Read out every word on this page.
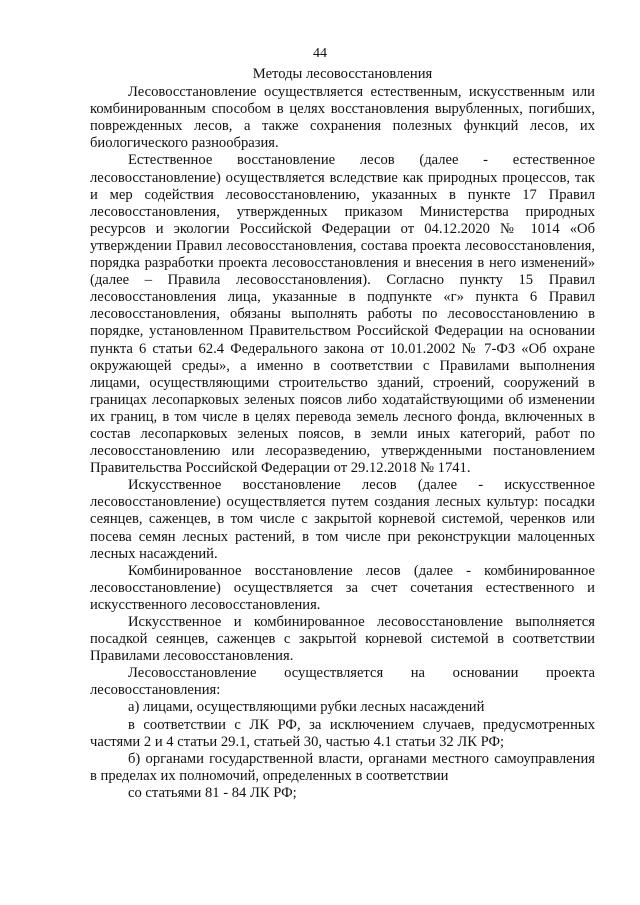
44

Методы лесовосстановления

Лесовосстановление осуществляется естественным, искусственным или комбинированным способом в целях восстановления вырубленных, погибших, поврежденных лесов, а также сохранения полезных функций лесов, их биологического разнообразия.

Естественное восстановление лесов (далее - естественное лесовосстановление) осуществляется вследствие как природных процессов, так и мер содействия лесовосстановлению, указанных в пункте 17 Правил лесовосстановления, утвержденных приказом Министерства природных ресурсов и экологии Российской Федерации от 04.12.2020 № 1014 «Об утверждении Правил лесовосстановления, состава проекта лесовосстановления, порядка разработки проекта лесовосстановления и внесения в него изменений» (далее – Правила лесовосстановления). Согласно пункту 15 Правил лесовосстановления лица, указанные в подпункте «г» пункта 6 Правил лесовосстановления, обязаны выполнять работы по лесовосстановлению в порядке, установленном Правительством Российской Федерации на основании пункта 6 статьи 62.4 Федерального закона от 10.01.2002 № 7-ФЗ «Об охране окружающей среды», а именно в соответствии с Правилами выполнения лицами, осуществляющими строительство зданий, строений, сооружений в границах лесопарковых зеленых поясов либо ходатайствующими об изменении их границ, в том числе в целях перевода земель лесного фонда, включенных в состав лесопарковых зеленых поясов, в земли иных категорий, работ по лесовосстановлению или лесоразведению, утвержденными постановлением Правительства Российской Федерации от 29.12.2018 № 1741.

Искусственное восстановление лесов (далее - искусственное лесовосстановление) осуществляется путем создания лесных культур: посадки сеянцев, саженцев, в том числе с закрытой корневой системой, черенков или посева семян лесных растений, в том числе при реконструкции малоценных лесных насаждений.

Комбинированное восстановление лесов (далее - комбинированное лесовосстановление) осуществляется за счет сочетания естественного и искусственного лесовосстановления.

Искусственное и комбинированное лесовосстановление выполняется посадкой сеянцев, саженцев с закрытой корневой системой в соответствии Правилами лесовосстановления.

Лесовосстановление осуществляется на основании проекта лесовосстановления:

а) лицами, осуществляющими рубки лесных насаждений

в соответствии с ЛК РФ, за исключением случаев, предусмотренных частями 2 и 4 статьи 29.1, статьей 30, частью 4.1 статьи 32 ЛК РФ;

б) органами государственной власти, органами местного самоуправления в пределах их полномочий, определенных в соответствии

со статьями 81 - 84 ЛК РФ;
